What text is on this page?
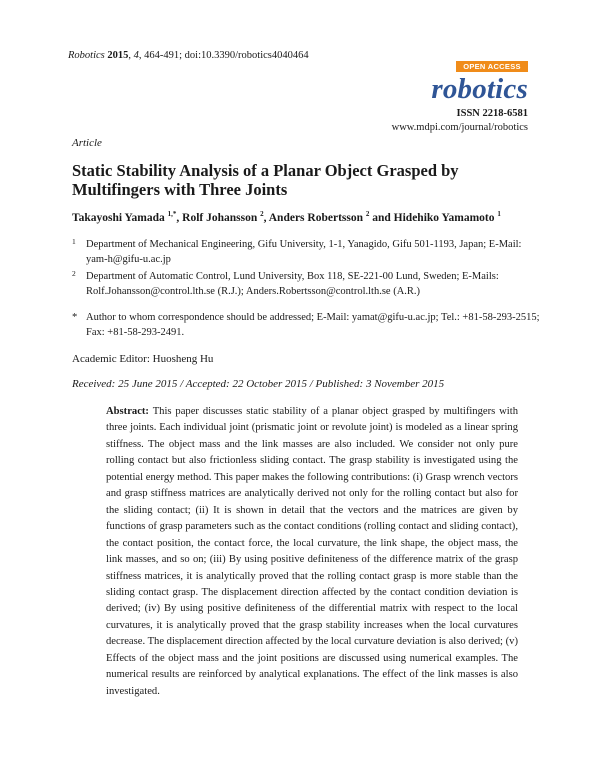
Robotics 2015, 4, 464-491; doi:10.3390/robotics4040464
OPEN ACCESS
robotics
ISSN 2218-6581
www.mdpi.com/journal/robotics
Article
Static Stability Analysis of a Planar Object Grasped by Multifingers with Three Joints
Takayoshi Yamada $^{1,*}$, Rolf Johansson $^2$, Anders Robertsson $^2$ and Hidehiko Yamamoto $^1$
1 Department of Mechanical Engineering, Gifu University, 1-1, Yanagido, Gifu 501-1193, Japan; E-Mail: yam-h@gifu-u.ac.jp
2 Department of Automatic Control, Lund University, Box 118, SE-221-00 Lund, Sweden; E-Mails: Rolf.Johansson@control.lth.se (R.J.); Anders.Robertsson@control.lth.se (A.R.)
* Author to whom correspondence should be addressed; E-Mail: yamat@gifu-u.ac.jp; Tel.: +81-58-293-2515; Fax: +81-58-293-2491.
Academic Editor: Huosheng Hu
Received: 25 June 2015 / Accepted: 22 October 2015 / Published: 3 November 2015
Abstract: This paper discusses static stability of a planar object grasped by multifingers with three joints. Each individual joint (prismatic joint or revolute joint) is modeled as a linear spring stiffness. The object mass and the link masses are also included. We consider not only pure rolling contact but also frictionless sliding contact. The grasp stability is investigated using the potential energy method. This paper makes the following contributions: (i) Grasp wrench vectors and grasp stiffness matrices are analytically derived not only for the rolling contact but also for the sliding contact; (ii) It is shown in detail that the vectors and the matrices are given by functions of grasp parameters such as the contact conditions (rolling contact and sliding contact), the contact position, the contact force, the local curvature, the link shape, the object mass, the link masses, and so on; (iii) By using positive definiteness of the difference matrix of the grasp stiffness matrices, it is analytically proved that the rolling contact grasp is more stable than the sliding contact grasp. The displacement direction affected by the contact condition deviation is derived; (iv) By using positive definiteness of the differential matrix with respect to the local curvatures, it is analytically proved that the grasp stability increases when the local curvatures decrease. The displacement direction affected by the local curvature deviation is also derived; (v) Effects of the object mass and the joint positions are discussed using numerical examples. The numerical results are reinforced by analytical explanations. The effect of the link masses is also investigated.
